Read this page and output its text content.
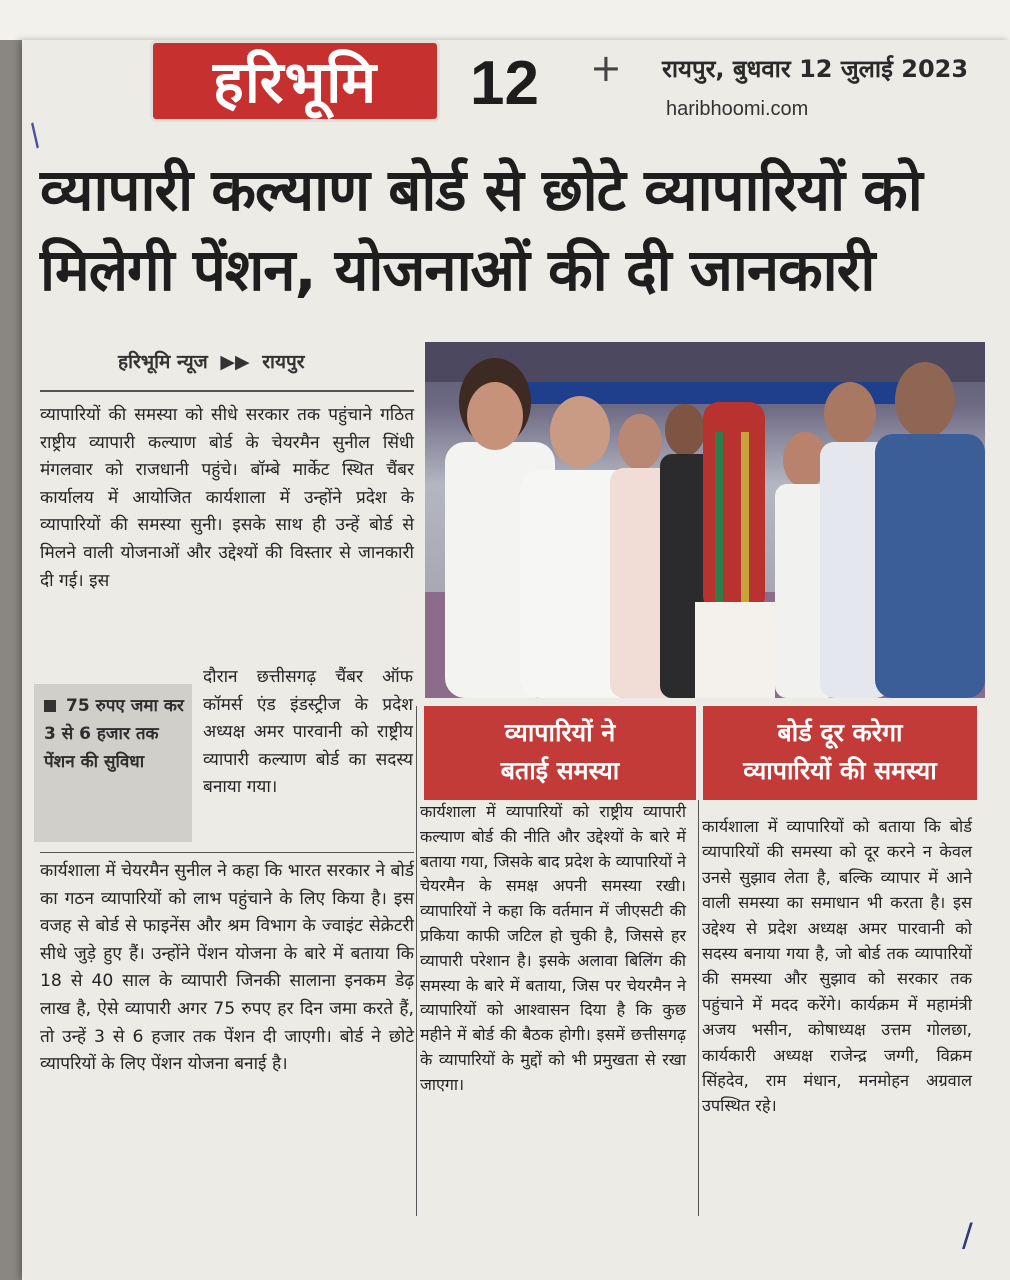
हरिभूमि	12 + रायपुर, बुधवार 12 जुलाई 2023
haribhoomi.com
/
व्यापारी कल्याण बोर्ड से छोटे व्यापारियों को
मिलेगी पेंशन, योजनाओं की दी जानकारी
हरिभूमि न्यूज ▶▶ रायपुर
व्यापारियों की समस्या को सीधे सरकार तक पहुंचाने गठित राष्ट्रीय व्यापारी कल्याण बोर्ड के चेयरमैन सुनील सिंधी मंगलवार को राजधानी पहुंचे। बॉम्बे मार्केट स्थित चैंबर कार्यालय में आयोजित कार्यशाला में उन्होंने प्रदेश के व्यापारियों की समस्या सुनी। इसके साथ ही उन्हें बोर्ड से मिलने वाली योजनाओं और उद्देश्यों की विस्तार से जानकारी दी गई। इस

75 रुपए जमा कर 3 से 6 हजार तक पेंशन की सुविधा

दौरान छत्तीसगढ़ चैंबर ऑफ कॉमर्स एंड इंडस्ट्रीज के प्रदेश अध्यक्ष अमर पारवानी को राष्ट्रीय व्यापारी कल्याण बोर्ड का सदस्य बनाया गया।
कार्यशाला में चेयरमैन सुनील ने कहा कि भारत सरकार ने बोर्ड का गठन व्यापारियों को लाभ पहुंचाने के लिए किया है। इस वजह से बोर्ड से फाइनेंस और श्रम विभाग के ज्वाइंट सेक्रेटरी सीधे जुड़े हुए हैं। उन्होंने पेंशन योजना के बारे में बताया कि 18 से 40 साल के व्यापारी जिनकी सालाना इनकम डेढ़ लाख है, ऐसे व्यापारी अगर 75 रुपए हर दिन जमा करते हैं, तो उन्हें 3 से 6 हजार तक पेंशन दी जाएगी। बोर्ड ने छोटे व्यापरियों के लिए पेंशन योजना बनाई है।
व्यापारियों ने
बताई समस्या
बोर्ड दूर करेगा
व्यापारियों की समस्या
कार्यशाला में व्यापारियों को राष्ट्रीय व्यापारी कल्याण बोर्ड की नीति और उद्देश्यों के बारे में बताया गया, जिसके बाद प्रदेश के व्यापारियों ने चेयरमैन के समक्ष अपनी समस्या रखी। व्यापारियों ने कहा कि वर्तमान में जीएसटी की प्रकिया काफी जटिल हो चुकी है, जिससे हर व्यापारी परेशान है। इसके अलावा बिलिंग की समस्या के बारे में बताया, जिस पर चेयरमैन ने व्यापारियों को आश्वासन दिया है कि कुछ महीने में बोर्ड की बैठक होगी। इसमें छत्तीसगढ़ के व्यापारियों के मुद्दों को भी प्रमुखता से रखा जाएगा।
कार्यशाला में व्यापारियों को बताया कि बोर्ड व्यापारियों की समस्या को दूर करने न केवल उनसे सुझाव लेता है, बल्कि व्यापार में आने वाली समस्या का समाधान भी करता है। इस उद्देश्य से प्रदेश अध्यक्ष अमर पारवानी को सदस्य बनाया गया है, जो बोर्ड तक व्यापारियों की समस्या और सुझाव को सरकार तक पहुंचाने में मदद करेंगे। कार्यक्रम में महामंत्री अजय भसीन, कोषाध्यक्ष उत्तम गोलछा, कार्यकारी अध्यक्ष राजेन्द्र जग्गी, विक्रम सिंहदेव, राम मंधान, मनमोहन अग्रवाल उपस्थित रहे।
/
